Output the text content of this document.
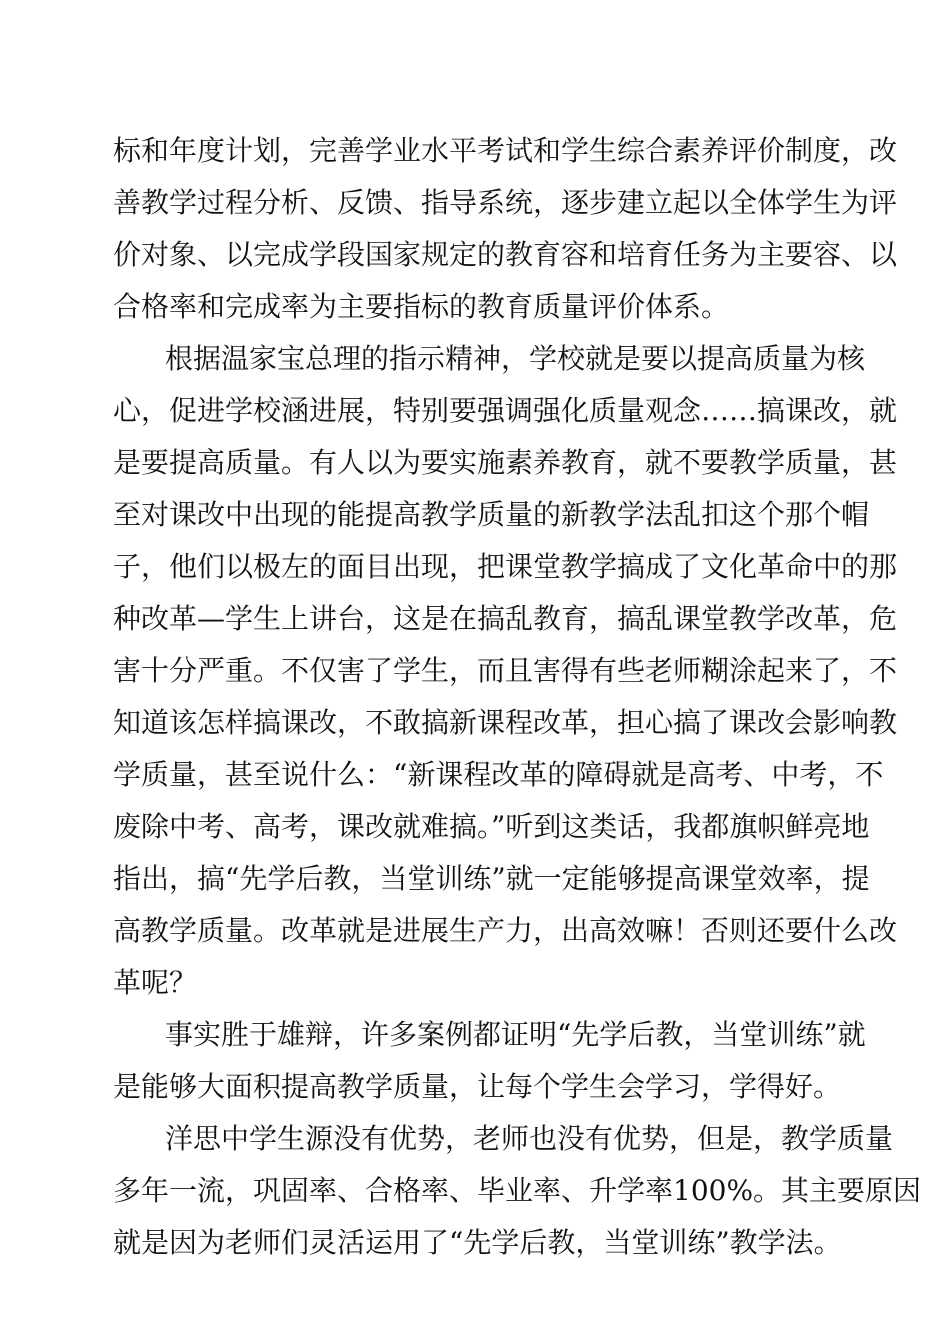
标和年度计划，完善学业水平考试和学生综合素养评价制度，改
善教学过程分析、反馈、指导系统，逐步建立起以全体学生为评
价对象、以完成学段国家规定的教育容和培育任务为主要容、以
合格率和完成率为主要指标的教育质量评价体系。
根据温家宝总理的指示精神，学校就是要以提高质量为核
心，促进学校涵进展，特别要强调强化质量观念……搞课改，就
是要提高质量。有人以为要实施素养教育，就不要教学质量，甚
至对课改中出现的能提高教学质量的新教学法乱扣这个那个帽
子，他们以极左的面目出现，把课堂教学搞成了文化革命中的那
种改革—学生上讲台，这是在搞乱教育，搞乱课堂教学改革，危
害十分严重。不仅害了学生，而且害得有些老师糊涂起来了，不
知道该怎样搞课改，不敢搞新课程改革，担心搞了课改会影响教
学质量，甚至说什么：“新课程改革的障碍就是高考、中考，不
废除中考、高考，课改就难搞。”听到这类话，我都旗帜鲜亮地
指出，搞“先学后教，当堂训练”就一定能够提高课堂效率，提
高教学质量。改革就是进展生产力，出高效嘛！否则还要什么改
革呢？
事实胜于雄辩，许多案例都证明“先学后教，当堂训练”就
是能够大面积提高教学质量，让每个学生会学习，学得好。
洋思中学生源没有优势，老师也没有优势，但是，教学质量
多年一流，巩固率、合格率、毕业率、升学率100%。其主要原因
就是因为老师们灵活运用了“先学后教，当堂训练”教学法。
